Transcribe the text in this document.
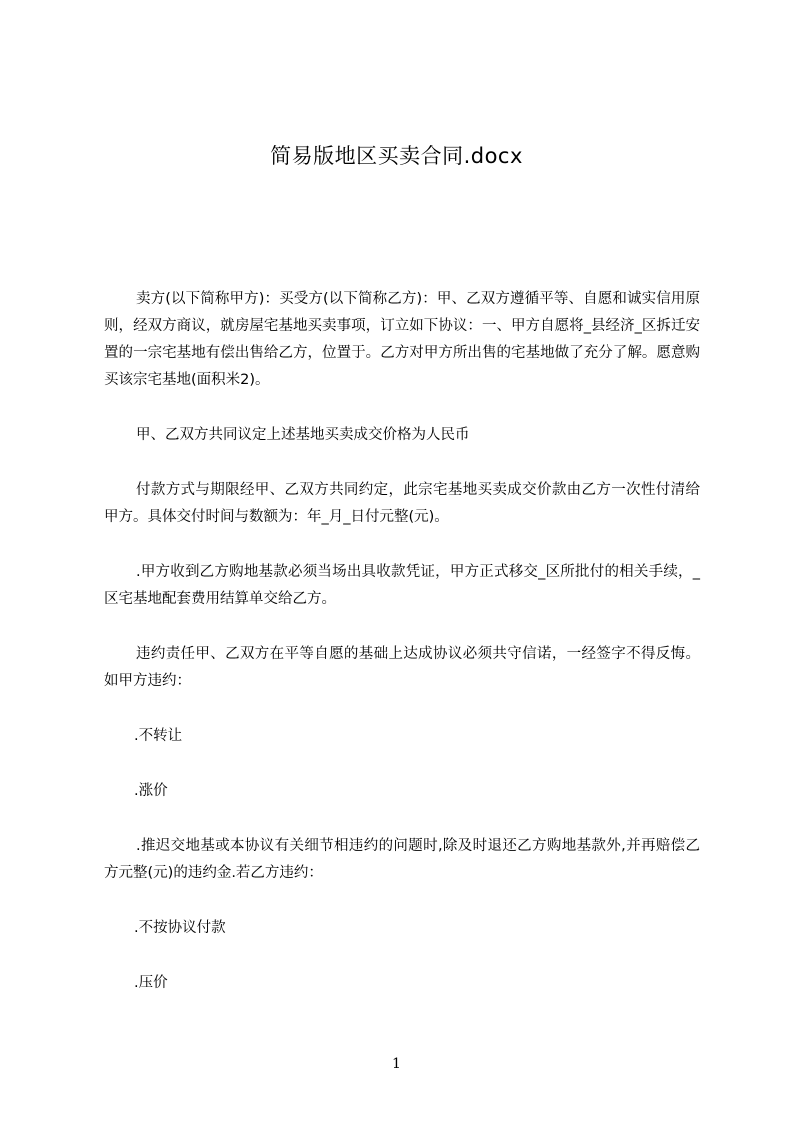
简易版地区买卖合同.docx

卖方(以下简称甲方)：买受方(以下简称乙方)：甲、乙双方遵循平等、自愿和诚实信用原则，经双方商议，就房屋宅基地买卖事项，订立如下协议：一、甲方自愿将_县经济_区拆迁安置的一宗宅基地有偿出售给乙方，位置于。乙方对甲方所出售的宅基地做了充分了解。愿意购买该宗宅基地(面积米2)。

甲、乙双方共同议定上述基地买卖成交价格为人民币

付款方式与期限经甲、乙双方共同约定，此宗宅基地买卖成交价款由乙方一次性付清给甲方。具体交付时间与数额为：年_月_日付元整(元)。

.甲方收到乙方购地基款必须当场出具收款凭证，甲方正式移交_区所批付的相关手续，_区宅基地配套费用结算单交给乙方。

违约责任甲、乙双方在平等自愿的基础上达成协议必须共守信诺，一经签字不得反悔。如甲方违约：

.不转让

.涨价

.推迟交地基或本协议有关细节相违约的问题时,除及时退还乙方购地基款外,并再赔偿乙方元整(元)的违约金.若乙方违约：

.不按协议付款

.压价

1
